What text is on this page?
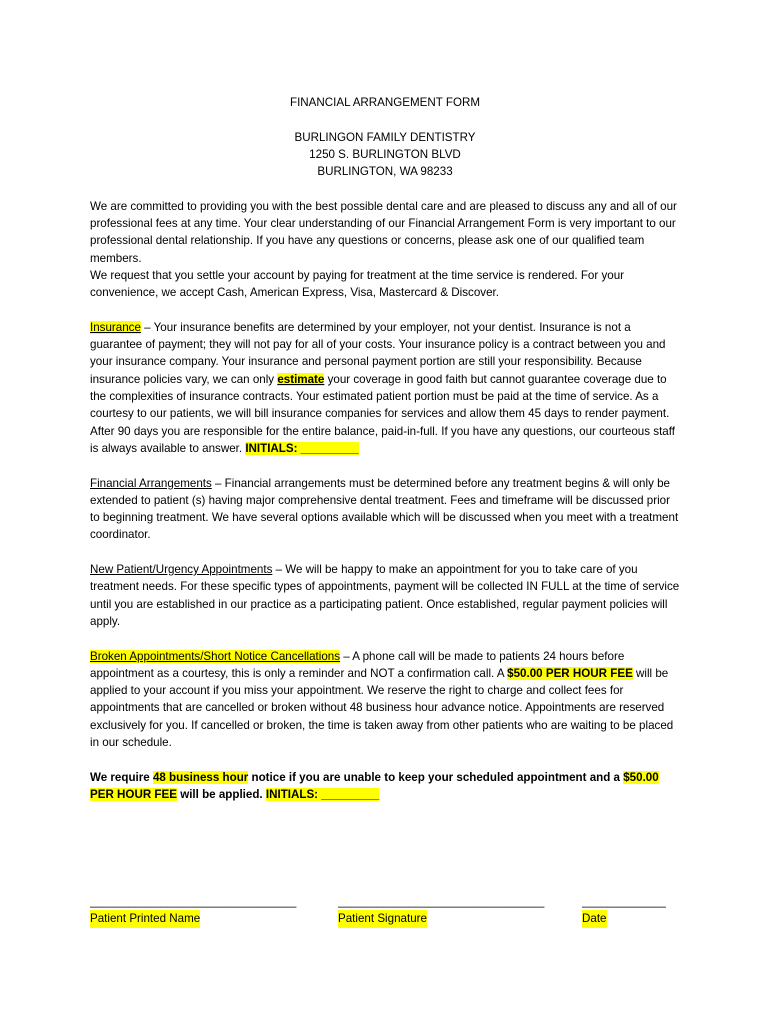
FINANCIAL ARRANGEMENT FORM

BURLINGON FAMILY DENTISTRY

1250 S. BURLINGTON BLVD

BURLINGTON, WA 98233

We are committed to providing you with the best possible dental care and are pleased to discuss any and all of our professional fees at any time. Your clear understanding of our Financial Arrangement Form is very important to our professional dental relationship. If you have any questions or concerns, please ask one of our qualified team members.

We request that you settle your account by paying for treatment at the time service is rendered. For your convenience, we accept Cash, American Express, Visa, Mastercard & Discover.

Insurance – Your insurance benefits are determined by your employer, not your dentist. Insurance is not a guarantee of payment; they will not pay for all of your costs. Your insurance policy is a contract between you and your insurance company. Your insurance and personal payment portion are still your responsibility. Because insurance policies vary, we can only estimate your coverage in good faith but cannot guarantee coverage due to the complexities of insurance contracts. Your estimated patient portion must be paid at the time of service. As a courtesy to our patients, we will bill insurance companies for services and allow them 45 days to render payment. After 90 days you are responsible for the entire balance, paid-in-full. If you have any questions, our courteous staff is always available to answer. INITIALS: _________

Financial Arrangements – Financial arrangements must be determined before any treatment begins & will only be extended to patient (s) having major comprehensive dental treatment. Fees and timeframe will be discussed prior to beginning treatment. We have several options available which will be discussed when you meet with a treatment coordinator.

New Patient/Urgency Appointments – We will be happy to make an appointment for you to take care of you treatment needs. For these specific types of appointments, payment will be collected IN FULL at the time of service until you are established in our practice as a participating patient. Once established, regular payment policies will apply.

Broken Appointments/Short Notice Cancellations – A phone call will be made to patients 24 hours before appointment as a courtesy, this is only a reminder and NOT a confirmation call. A $50.00 PER HOUR FEE will be applied to your account if you miss your appointment. We reserve the right to charge and collect fees for appointments that are cancelled or broken without 48 business hour advance notice. Appointments are reserved exclusively for you. If cancelled or broken, the time is taken away from other patients who are waiting to be placed in our schedule.

We require 48 business hour notice if you are unable to keep your scheduled appointment and a $50.00 PER HOUR FEE will be applied. INITIALS: _________

________________________________
Patient Printed Name
________________________________
Patient Signature
_____________
Date
